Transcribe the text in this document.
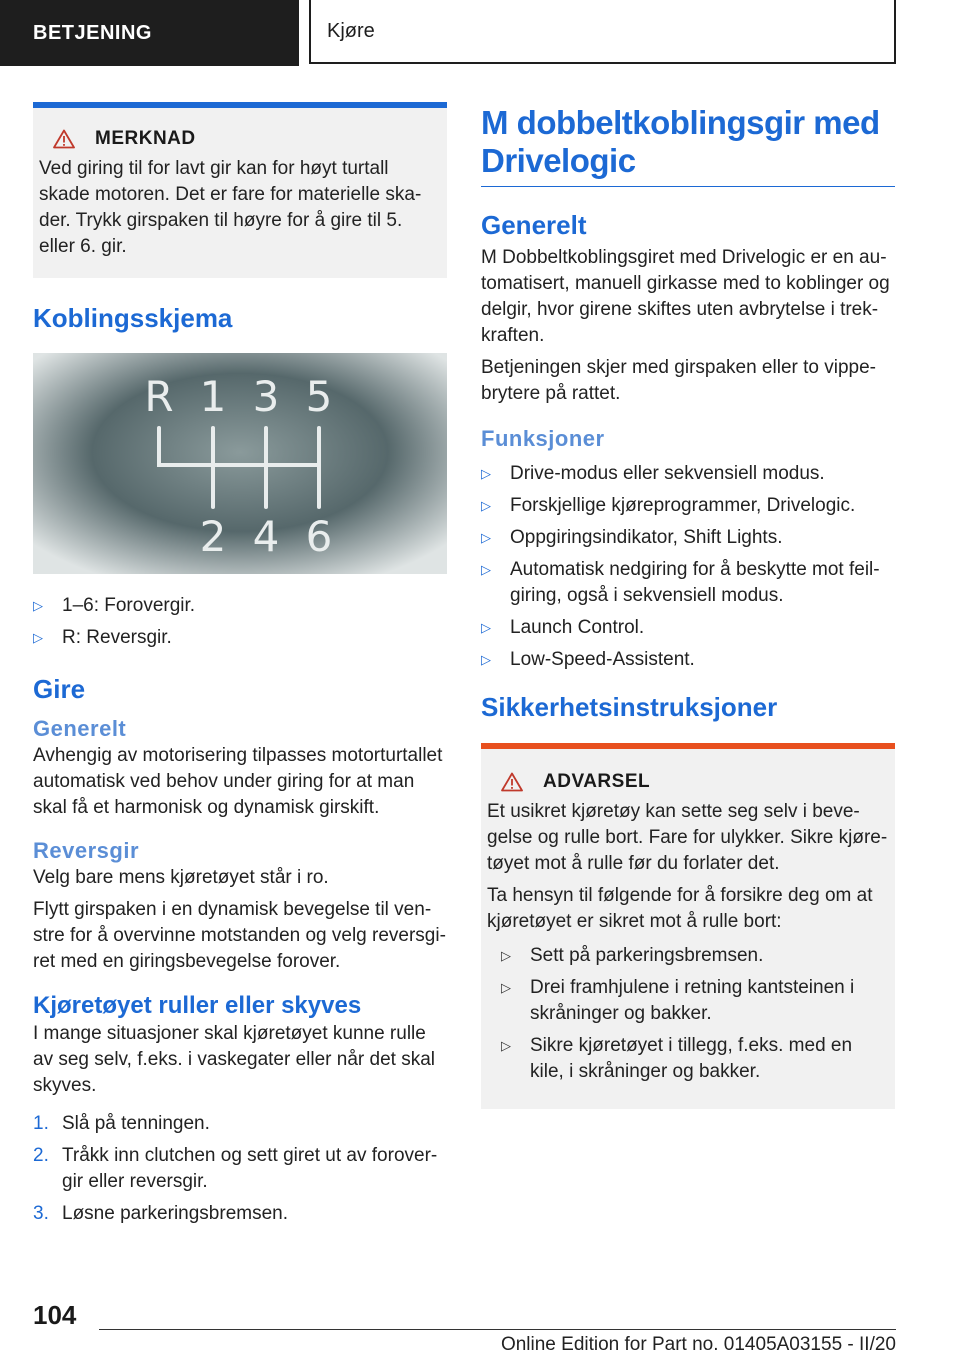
BETJENING	Kjøre
MERKNAD

Ved giring til for lavt gir kan for høyt turtall skade motoren. Det er fare for materielle skader. Trykk girspaken til høyre for å gire til 5. eller 6. gir.

Koblingsskjema
R 1 3 5
2 4 6
▷ 1–6: Forovergir.
▷ R: Reversgir.
Gire
Generelt

Avhengig av motorisering tilpasses motorturtallet automatisk ved behov under giring for at man skal få et harmonisk og dynamisk girskift.

Reversgir

Velg bare mens kjøretøyet står i ro.

Flytt girspaken i en dynamisk bevegelse til venstre for å overvinne motstanden og velg reversgiret med en giringsbevegelse forover.

Kjøretøyet ruller eller skyves

I mange situasjoner skal kjøretøyet kunne rulle av seg selv, f.eks. i vaskegater eller når det skal skyves.

1. Slå på tenningen.
2. Tråkk inn clutchen og sett giret ut av forovergir eller reversgir.
3. Løsne parkeringsbremsen.
M dobbeltkoblingsgir med Drivelogic
Generelt

M Dobbeltkoblingsgiret med Drivelogic er en automatisert, manuell girkasse med to koblinger og delgir, hvor girene skiftes uten avbrytelse i trekkraften.

Betjeningen skjer med girspaken eller to vippebrytere på rattet.

Funksjoner
▷ Drive-modus eller sekvensiell modus.
▷ Forskjellige kjøreprogrammer, Drivelogic.
▷ Oppgiringsindikator, Shift Lights.
▷ Automatisk nedgiring for å beskytte mot feilgiring, også i sekvensiell modus.
▷ Launch Control.
▷ Low-Speed-Assistent.
Sikkerhetsinstruksjoner
ADVARSEL

Et usikret kjøretøy kan sette seg selv i bevegelse og rulle bort. Fare for ulykker. Sikre kjøretøyet mot å rulle før du forlater det.

Ta hensyn til følgende for å forsikre deg om at kjøretøyet er sikret mot å rulle bort:

▷ Sett på parkeringsbremsen.
▷ Drei framhjulene i retning kantsteinen i skråninger og bakker.
▷ Sikre kjøretøyet i tillegg, f.eks. med en kile, i skråninger og bakker.
104
Online Edition for Part no. 01405A03155 - II/20
